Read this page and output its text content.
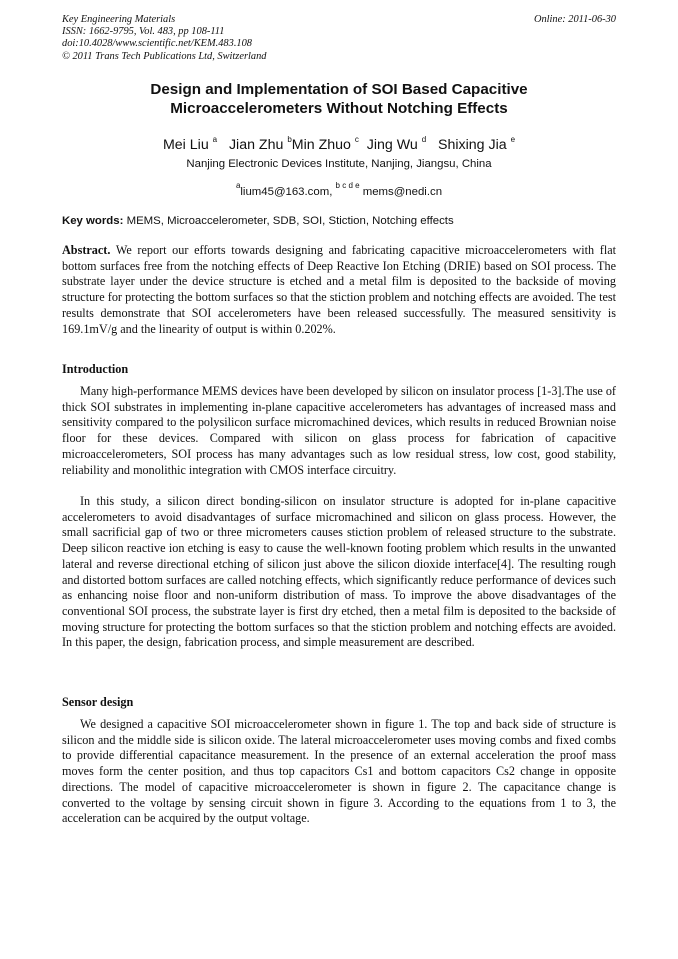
Key Engineering Materials
ISSN: 1662-9795, Vol. 483, pp 108-111
doi:10.4028/www.scientific.net/KEM.483.108
© 2011 Trans Tech Publications Ltd, Switzerland
Online: 2011-06-30
Design and Implementation of SOI Based Capacitive
Microaccelerometers Without Notching Effects
Mei Liu $^a$ Jian Zhu $^b$Min Zhuo $^c$ Jing Wu $^d$ Shixing Jia $^e$
Nanjing Electronic Devices Institute, Nanjing, Jiangsu, China
$^a$lium45@163.com, $^{b c d e}$ mems@nedi.cn
Key words: MEMS, Microaccelerometer, SDB, SOI, Stiction, Notching effects
Abstract. We report our efforts towards designing and fabricating capacitive microaccelerometers with flat bottom surfaces free from the notching effects of Deep Reactive Ion Etching (DRIE) based on SOI process. The substrate layer under the device structure is etched and a metal film is deposited to the backside of moving structure for protecting the bottom surfaces so that the stiction problem and notching effects are avoided. The test results demonstrate that SOI accelerometers have been released successfully. The measured sensitivity is 169.1mV/g and the linearity of output is within 0.202%.
Introduction
Many high-performance MEMS devices have been developed by silicon on insulator process [1-3].The use of thick SOI substrates in implementing in-plane capacitive accelerometers has advantages of increased mass and sensitivity compared to the polysilicon surface micromachined devices, which results in reduced Brownian noise floor for these devices. Compared with silicon on glass process for fabrication of capacitive microaccelerometers, SOI process has many advantages such as low residual stress, low cost, good stability, reliability and monolithic integration with CMOS interface circuitry.
In this study, a silicon direct bonding-silicon on insulator structure is adopted for in-plane capacitive accelerometers to avoid disadvantages of surface micromachined and silicon on glass process. However, the small sacrificial gap of two or three micrometers causes stiction problem of released structure to the substrate. Deep silicon reactive ion etching is easy to cause the well-known footing problem which results in the unwanted lateral and reverse directional etching of silicon just above the silicon dioxide interface[4]. The resulting rough and distorted bottom surfaces are called notching effects, which significantly reduce performance of devices such as enhancing noise floor and non-uniform distribution of mass. To improve the above disadvantages of the conventional SOI process, the substrate layer is first dry etched, then a metal film is deposited to the backside of moving structure for protecting the bottom surfaces so that the stiction problem and notching effects are avoided. In this paper, the design, fabrication process, and simple measurement are described.
Sensor design
We designed a capacitive SOI microaccelerometer shown in figure 1. The top and back side of structure is silicon and the middle side is silicon oxide. The lateral microaccelerometer uses moving combs and fixed combs to provide differential capacitance measurement. In the presence of an external acceleration the proof mass moves form the center position, and thus top capacitors Cs1 and bottom capacitors Cs2 change in opposite directions. The model of capacitive microaccelerometer is shown in figure 2. The capacitance change is converted to the voltage by sensing circuit shown in figure 3. According to the equations from 1 to 3, the acceleration can be acquired by the output voltage.
